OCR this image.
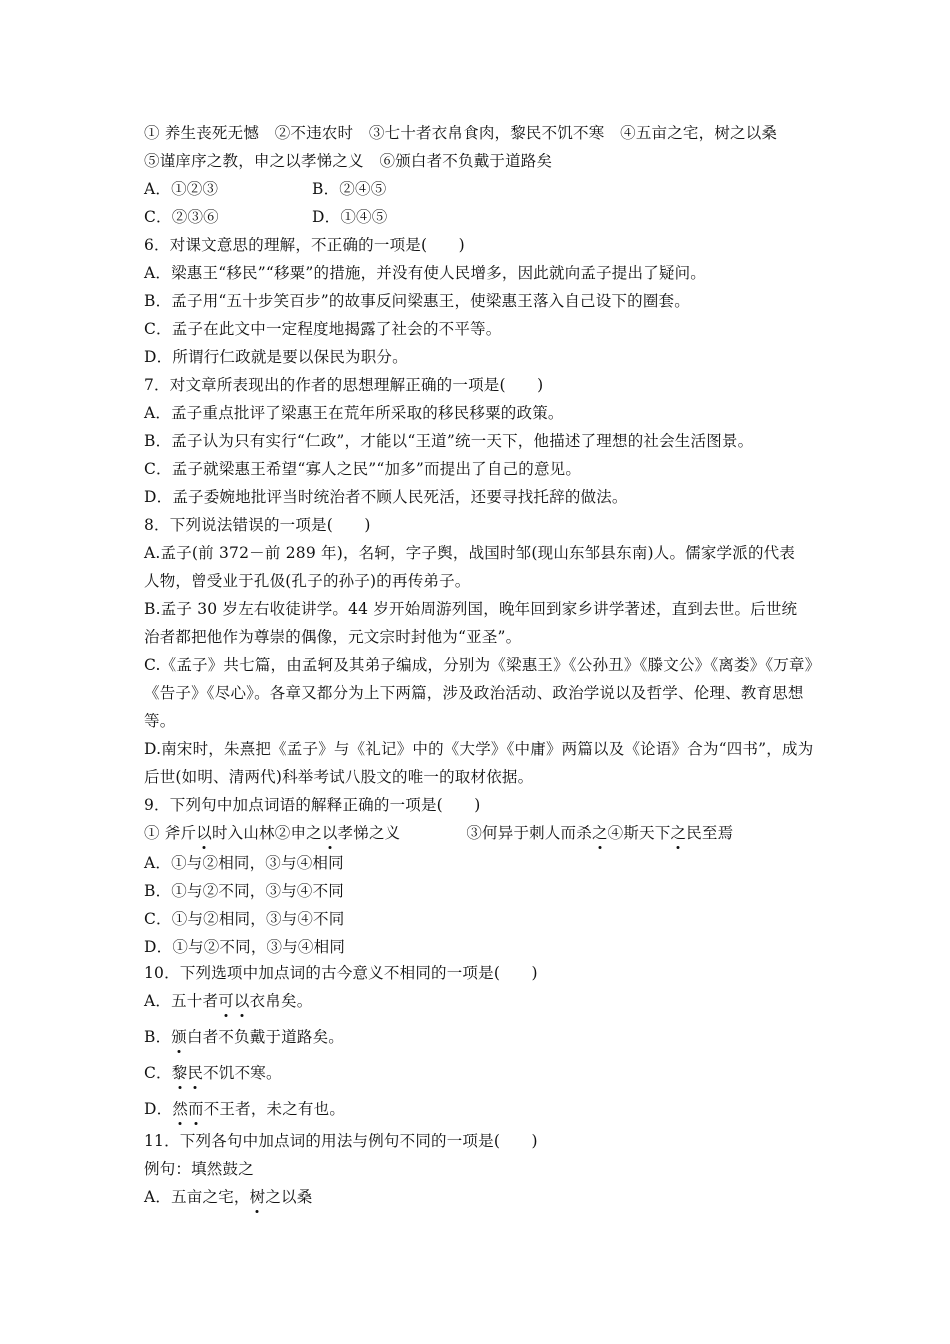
① 养生丧死无憾　②不违农时　③七十者衣帛食肉，黎民不饥不寒　④五亩之宅，树之以桑
⑤谨庠序之教，申之以孝悌之义　⑥颁白者不负戴于道路矣
A．①②③	B．②④⑤
C．②③⑥	D．①④⑤
6．对课文意思的理解，不正确的一项是(　　)
A．梁惠王“移民”“移粟”的措施，并没有使人民增多，因此就向孟子提出了疑问。
B．孟子用“五十步笑百步”的故事反问梁惠王，使梁惠王落入自己设下的圈套。
C．孟子在此文中一定程度地揭露了社会的不平等。
D．所谓行仁政就是要以保民为职分。
7．对文章所表现出的作者的思想理解正确的一项是(　　)
A．孟子重点批评了梁惠王在荒年所采取的移民移粟的政策。
B．孟子认为只有实行“仁政”，才能以“王道”统一天下，他描述了理想的社会生活图景。
C．孟子就梁惠王希望“寡人之民”“加多”而提出了自己的意见。
D．孟子委婉地批评当时统治者不顾人民死活，还要寻找托辞的做法。
8．下列说法错误的一项是(　　)
A.孟子(前 372－前 289 年)，名轲，字子舆，战国时邹(现山东邹县东南)人。儒家学派的代表
人物，曾受业于孔伋(孔子的孙子)的再传弟子。
B.孟子 30 岁左右收徒讲学。44 岁开始周游列国，晚年回到家乡讲学著述，直到去世。后世统
治者都把他作为尊崇的偶像，元文宗时封他为“亚圣”。
C.《孟子》共七篇，由孟轲及其弟子编成，分别为《梁惠王》《公孙丑》《滕文公》《离娄》《万章》
《告子》《尽心》。各章又都分为上下两篇，涉及政治活动、政治学说以及哲学、伦理、教育思想
等。
D.南宋时，朱熹把《孟子》与《礼记》中的《大学》《中庸》两篇以及《论语》合为“四书”，成为
后世(如明、清两代)科举考试八股文的唯一的取材依据。
9．下列句中加点词语的解释正确的一项是(　　)
① 斧斤以时入山林②申之以孝悌之义	③何异于刺人而杀之④斯天下之民至焉
A．①与②相同，③与④相同
B．①与②不同，③与④不同
C．①与②相同，③与④不同
D．①与②不同，③与④相同
10．下列选项中加点词的古今意义不相同的一项是(　　)
A．五十者可以衣帛矣。
B．颁白者不负戴于道路矣。
C．黎民不饥不寒。
D．然而不王者，未之有也。
11．下列各句中加点词的用法与例句不同的一项是(　　)
例句：填然鼓之
A．五亩之宅，树之以桑
